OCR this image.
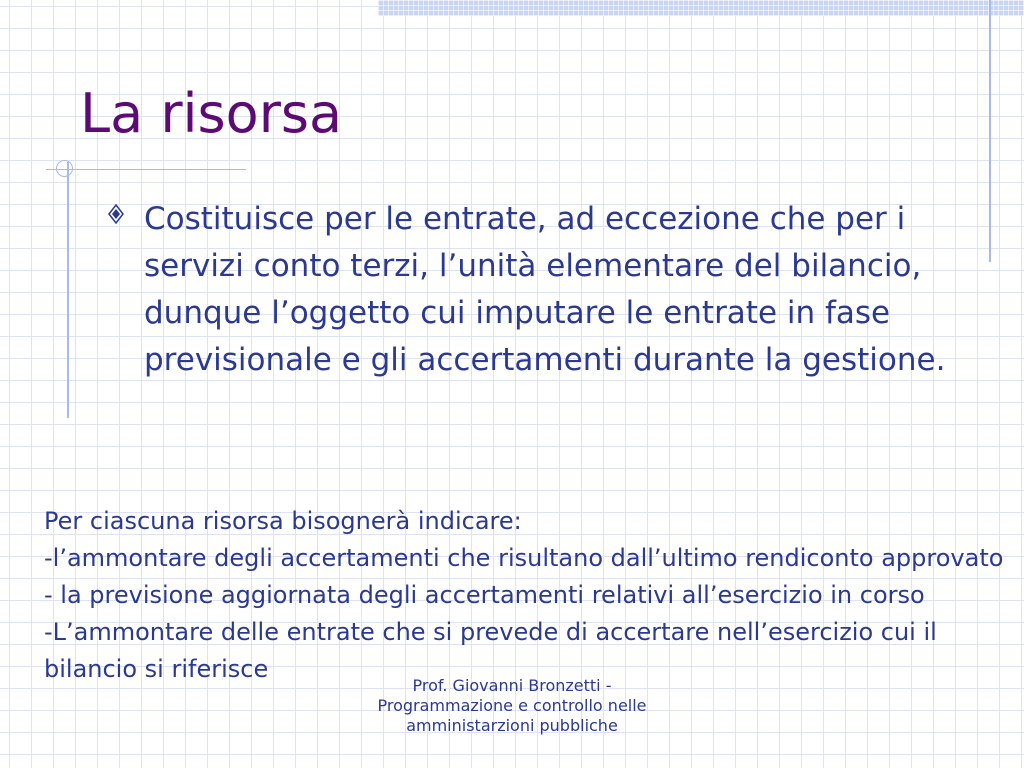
La risorsa

Costituisce per le entrate, ad eccezione che per i servizi conto terzi, l’unità elementare del bilancio, dunque l’oggetto cui imputare le entrate in fase previsionale e gli accertamenti durante la gestione.

Per ciascuna risorsa bisognerà indicare:

-l’ammontare degli accertamenti che risultano dall’ultimo rendiconto approvato

- la previsione aggiornata degli accertamenti relativi all’esercizio in corso

-L’ammontare delle entrate che si prevede di accertare nell’esercizio cui il bilancio si riferisce

Prof. Giovanni Bronzetti -

Programmazione e controllo nelle

amministarzioni pubbliche
